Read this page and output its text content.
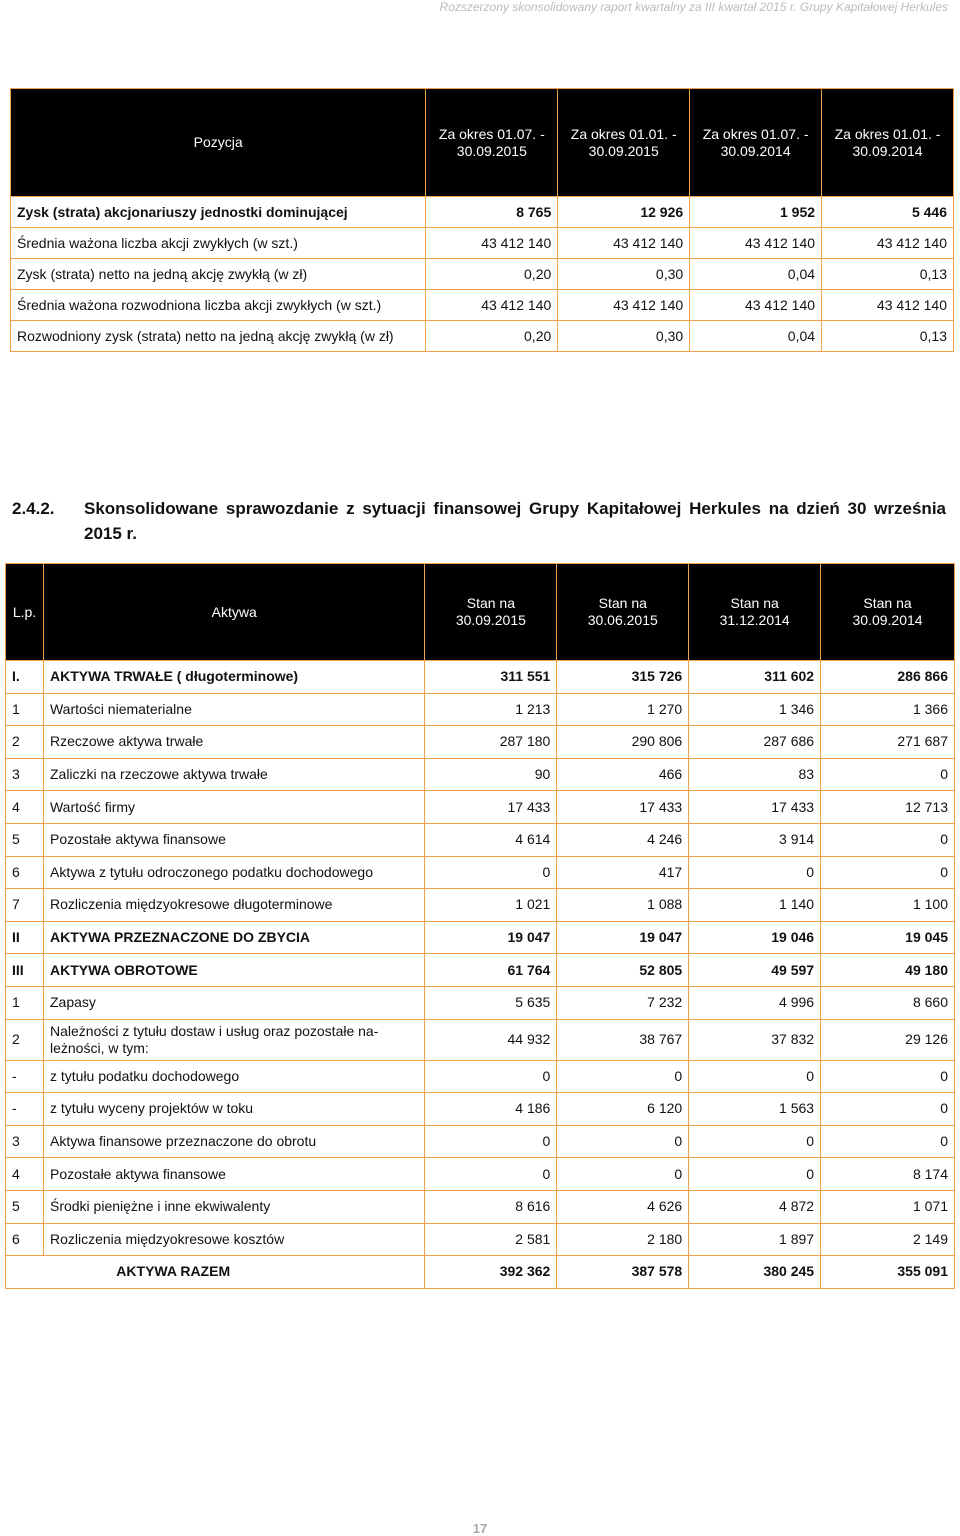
Rozszerzony skonsolidowany raport kwartalny za III kwartał 2015 r. Grupy Kapitałowej Herkules
Pozycja	Za okres 01.07. - 30.09.2015	Za okres 01.01. - 30.09.2015	Za okres 01.07. - 30.09.2014	Za okres 01.01. - 30.09.2014
Zysk (strata) akcjonariuszy jednostki dominującej	8 765	12 926	1 952	5 446
Średnia ważona liczba akcji zwykłych (w szt.)	43 412 140	43 412 140	43 412 140	43 412 140
Zysk (strata) netto na jedną akcję zwykłą (w zł)	0,20	0,30	0,04	0,13
Średnia ważona rozwodniona liczba akcji zwykłych (w szt.)	43 412 140	43 412 140	43 412 140	43 412 140
Rozwodniony zysk (strata) netto na jedną akcję zwykłą (w zł)	0,20	0,30	0,04	0,13
2.4.2. Skonsolidowane sprawozdanie z sytuacji finansowej Grupy Kapitałowej Herkules na dzień 30 września 2015 r.
L.p.	Aktywa	Stan na 30.09.2015	Stan na 30.06.2015	Stan na 31.12.2014	Stan na 30.09.2014
I.	AKTYWA TRWAŁE ( długoterminowe)	311 551	315 726	311 602	286 866
1	Wartości niematerialne	1 213	1 270	1 346	1 366
2	Rzeczowe aktywa trwałe	287 180	290 806	287 686	271 687
3	Zaliczki na rzeczowe aktywa trwałe	90	466	83	0
4	Wartość firmy	17 433	17 433	17 433	12 713
5	Pozostałe aktywa finansowe	4 614	4 246	3 914	0
6	Aktywa z tytułu odroczonego podatku dochodowego	0	417	0	0
7	Rozliczenia międzyokresowe długoterminowe	1 021	1 088	1 140	1 100
II	AKTYWA PRZEZNACZONE DO ZBYCIA	19 047	19 047	19 046	19 045
III	AKTYWA OBROTOWE	61 764	52 805	49 597	49 180
1	Zapasy	5 635	7 232	4 996	8 660
2	Należności z tytułu dostaw i usług oraz pozostałe na-leżności, w tym:	44 932	38 767	37 832	29 126
-	z tytułu podatku dochodowego	0	0	0	0
-	z tytułu wyceny projektów w toku	4 186	6 120	1 563	0
3	Aktywa finansowe przeznaczone do obrotu	0	0	0	0
4	Pozostałe aktywa finansowe	0	0	0	8 174
5	Środki pieniężne i inne ekwiwalenty	8 616	4 626	4 872	1 071
6	Rozliczenia międzyokresowe kosztów	2 581	2 180	1 897	2 149
AKTYWA RAZEM		392 362	387 578	380 245	355 091
17
